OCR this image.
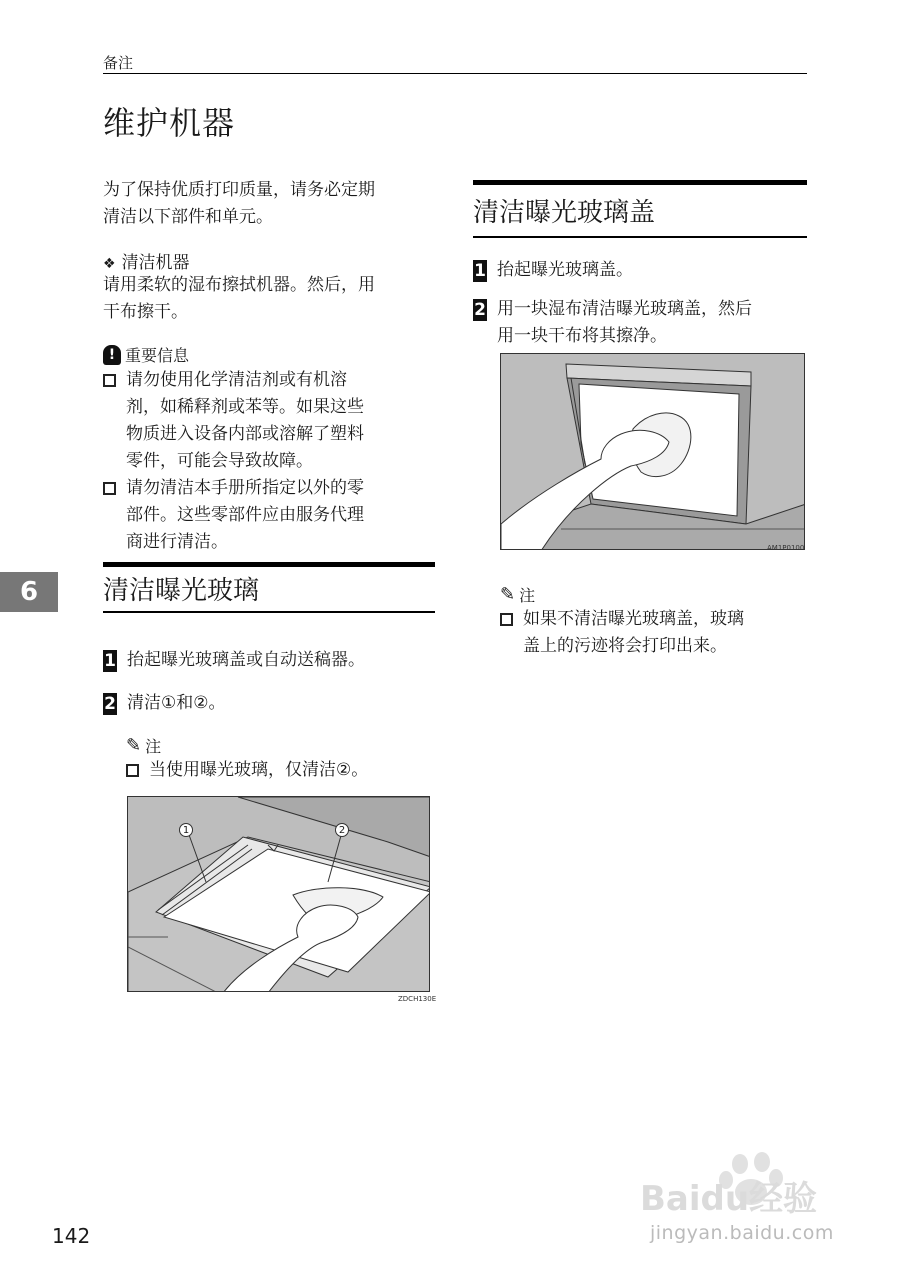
备注
维护机器
为了保持优质打印质量，请务必定期
清洁以下部件和单元。
❖ 清洁机器
请用柔软的湿布擦拭机器。然后，用
干布擦干。
! 重要信息
请勿使用化学清洁剂或有机溶
剂，如稀释剂或苯等。如果这些
物质进入设备内部或溶解了塑料
零件，可能会导致故障。
请勿清洁本手册所指定以外的零
部件。这些零部件应由服务代理
商进行清洁。
6	清洁曝光玻璃
1 抬起曝光玻璃盖或自动送稿器。
2 清洁①和②。
✎ 注
当使用曝光玻璃，仅清洁②。
1	2
ZDCH130E
清洁曝光玻璃盖
1 抬起曝光玻璃盖。
2 用一块湿布清洁曝光玻璃盖，然后
用一块干布将其擦净。
AM1P0100
✎ 注
如果不清洁曝光玻璃盖，玻璃
盖上的污迹将会打印出来。
142
Baidu经验
jingyan.baidu.com
